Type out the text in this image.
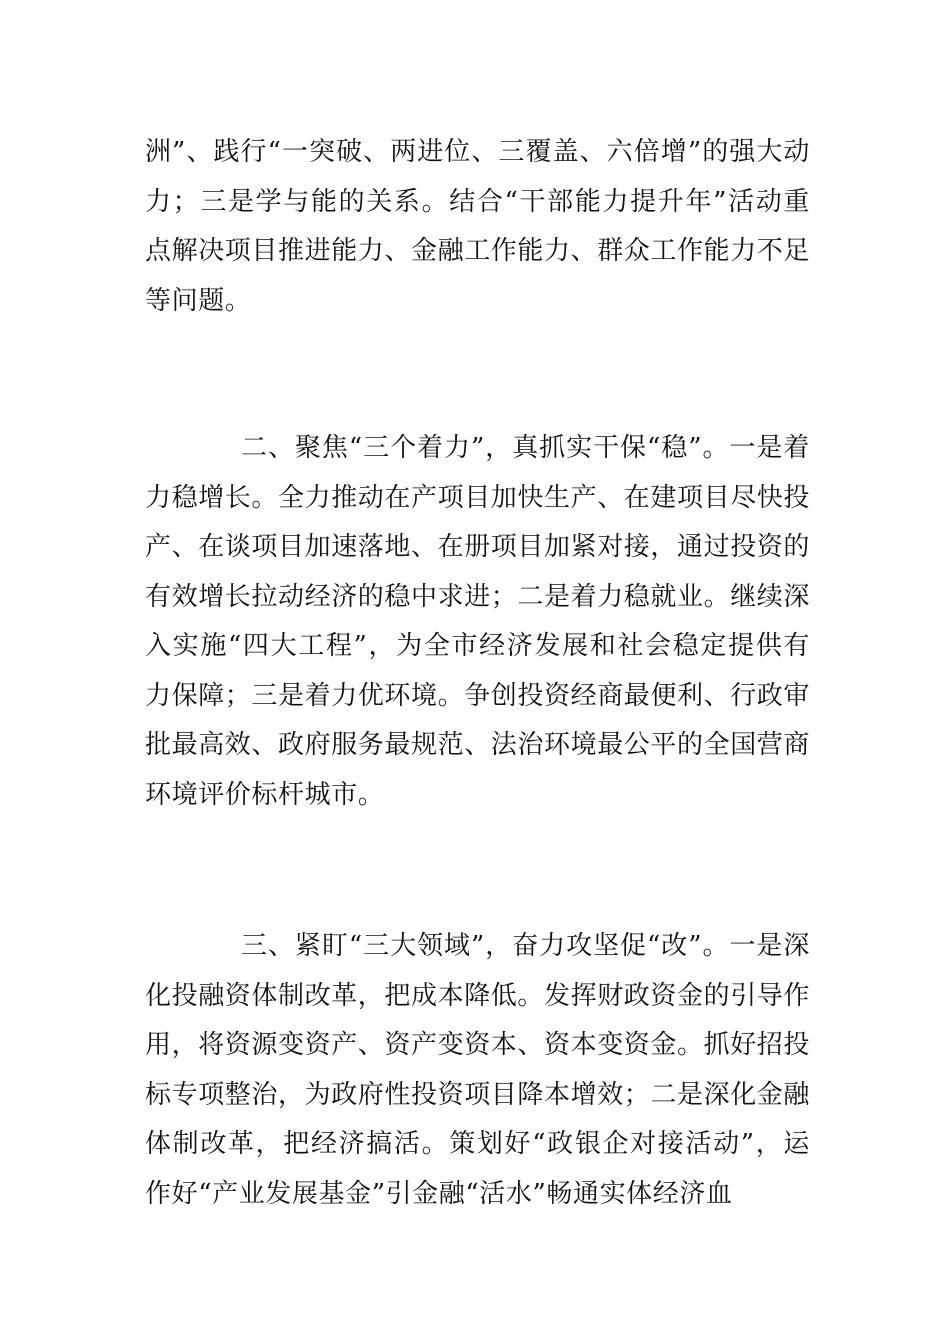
洲”、践行“一突破、两进位、三覆盖、六倍增”的强大动力；三是学与能的关系。结合“干部能力提升年”活动重点解决项目推进能力、金融工作能力、群众工作能力不足等问题。

二、聚焦“三个着力”，真抓实干保“稳”。一是着力稳增长。全力推动在产项目加快生产、在建项目尽快投产、在谈项目加速落地、在册项目加紧对接，通过投资的有效增长拉动经济的稳中求进；二是着力稳就业。继续深入实施“四大工程”，为全市经济发展和社会稳定提供有力保障；三是着力优环境。争创投资经商最便利、行政审批最高效、政府服务最规范、法治环境最公平的全国营商环境评价标杆城市。

三、紧盯“三大领域”，奋力攻坚促“改”。一是深化投融资体制改革，把成本降低。发挥财政资金的引导作用，将资源变资产、资产变资本、资本变资金。抓好招投标专项整治，为政府性投资项目降本增效；二是深化金融体制改革，把经济搞活。策划好“政银企对接活动”，运作好“产业发展基金”引金融“活水”畅通实体经济血
